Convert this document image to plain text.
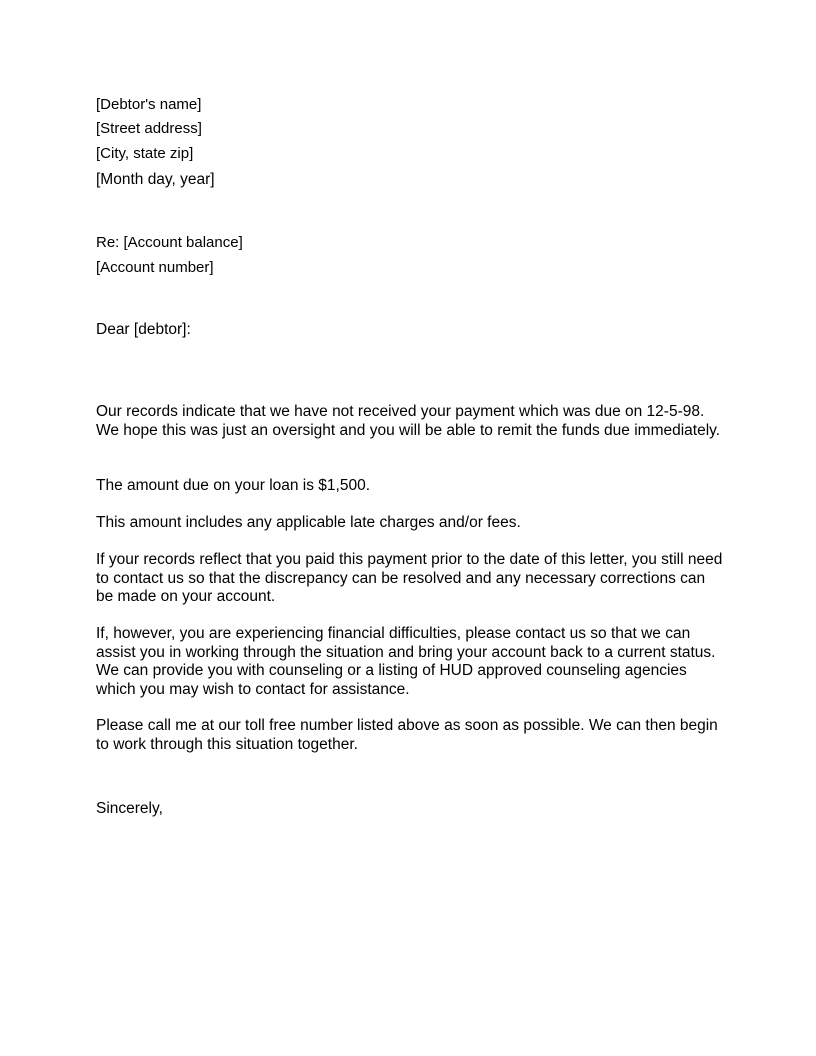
[Debtor's name]
[Street address]
[City, state zip]
[Month day, year]
Re: [Account balance]
[Account number]
Dear [debtor]:
Our records indicate that we have not received your payment which was due on 12-5-98. We hope this was just an oversight and you will be able to remit the funds due immediately.
The amount due on your loan is $1,500.
This amount includes any applicable late charges and/or fees.
If your records reflect that you paid this payment prior to the date of this letter, you still need to contact us so that the discrepancy can be resolved and any necessary corrections can be made on your account.
If, however, you are experiencing financial difficulties, please contact us so that we can assist you in working through the situation and bring your account back to a current status. We can provide you with counseling or a listing of HUD approved counseling agencies which you may wish to contact for assistance.
Please call me at our toll free number listed above as soon as possible. We can then begin to work through this situation together.
Sincerely,
